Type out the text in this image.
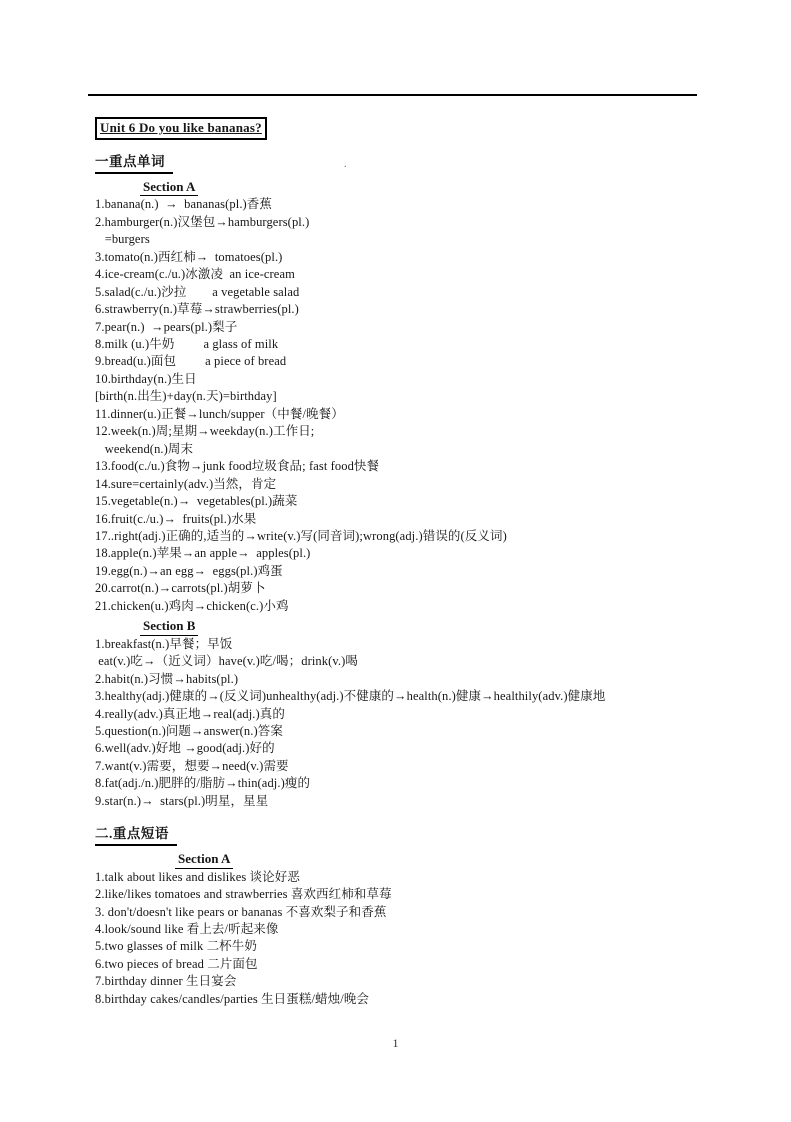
Unit 6 Do you like bananas?
.
一重点单词
Section A
1.banana(n.)  →  bananas(pl.)香蕉
2.hamburger(n.)汉堡包→hamburgers(pl.)
=burgers
3.tomato(n.)西红柿→  tomatoes(pl.)
4.ice-cream(c./u.)冰激凌  an ice-cream
5.salad(c./u.)沙拉        a vegetable salad
6.strawberry(n.)草莓→strawberries(pl.)
7.pear(n.)  →pears(pl.)梨子
8.milk (u.)牛奶         a glass of milk
9.bread(u.)面包         a piece of bread
10.birthday(n.)生日
[birth(n.出生)+day(n.天)=birthday]
11.dinner(u.)正餐→lunch/supper（中餐/晚餐）
12.week(n.)周;星期→weekday(n.)工作日;
weekend(n.)周末
13.food(c./u.)食物→junk food垃圾食品; fast food快餐
14.sure=certainly(adv.)当然，肯定
15.vegetable(n.)→  vegetables(pl.)蔬菜
16.fruit(c./u.)→  fruits(pl.)水果
17..right(adj.)正确的,适当的→write(v.)写(同音词);wrong(adj.)错误的(反义词)
18.apple(n.)苹果→an apple→  apples(pl.)
19.egg(n.)→an egg→  eggs(pl.)鸡蛋
20.carrot(n.)→carrots(pl.)胡萝卜
21.chicken(u.)鸡肉→chicken(c.)小鸡
Section B
1.breakfast(n.)早餐；早饭
eat(v.)吃→（近义词）have(v.)吃/喝；drink(v.)喝
2.habit(n.)习惯→habits(pl.)
3.healthy(adj.)健康的→(反义词)unhealthy(adj.)不健康的→health(n.)健康→healthily(adv.)健康地
4.really(adv.)真正地→real(adj.)真的
5.question(n.)问题→answer(n.)答案
6.well(adv.)好地 →good(adj.)好的
7.want(v.)需要，想要→need(v.)需要
8.fat(adj./n.)肥胖的/脂肪→thin(adj.)瘦的
9.star(n.)→  stars(pl.)明星，星星
二.重点短语
Section A
1.talk about likes and dislikes 谈论好恶
2.like/likes tomatoes and strawberries 喜欢西红柿和草莓
3. don't/doesn't like pears or bananas 不喜欢梨子和香蕉
4.look/sound like 看上去/听起来像
5.two glasses of milk 二杯牛奶
6.two pieces of bread 二片面包
7.birthday dinner 生日宴会
8.birthday cakes/candles/parties 生日蛋糕/蜡烛/晚会
1
